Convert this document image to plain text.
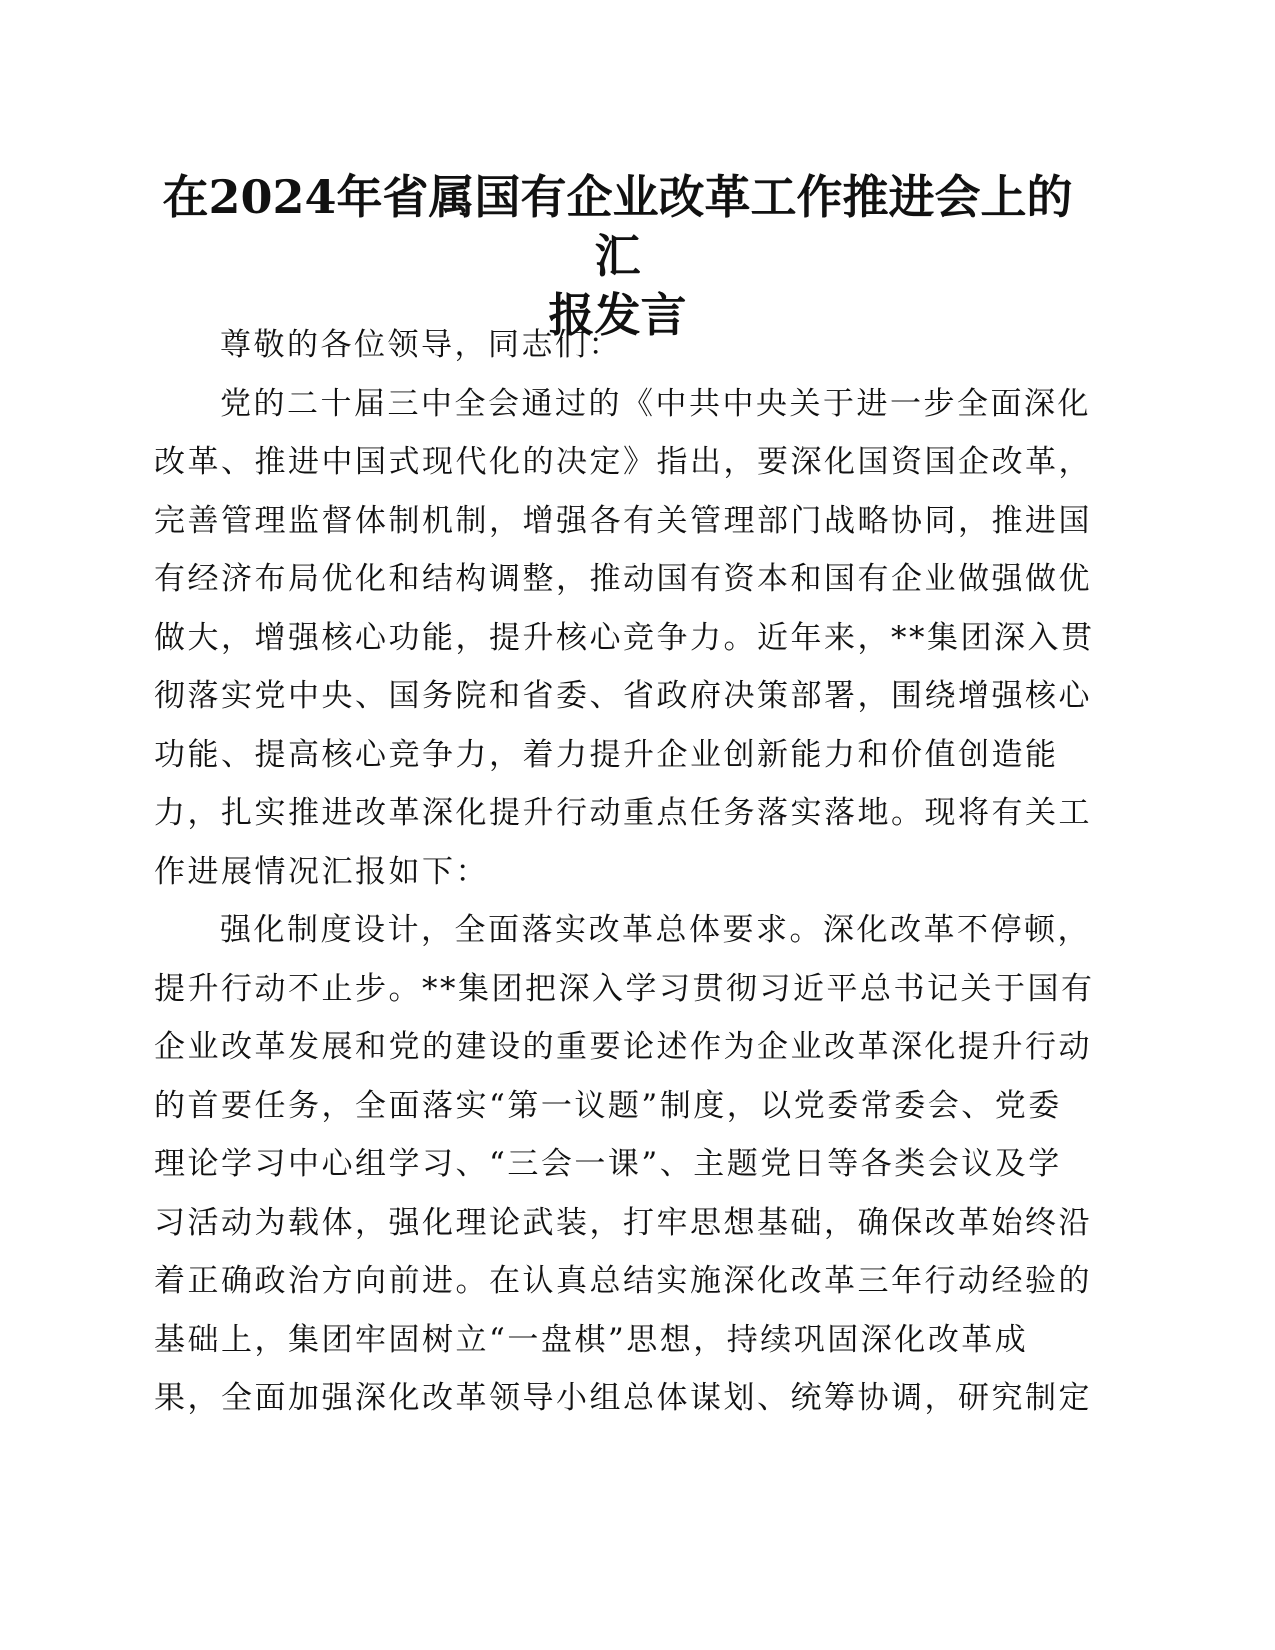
在2024年省属国有企业改革工作推进会上的汇
报发言
尊敬的各位领导，同志们：
党的二十届三中全会通过的《中共中央关于进一步全面深化
改革、推进中国式现代化的决定》指出，要深化国资国企改革，
完善管理监督体制机制，增强各有关管理部门战略协同，推进国
有经济布局优化和结构调整，推动国有资本和国有企业做强做优
做大，增强核心功能，提升核心竞争力。近年来，**集团深入贯
彻落实党中央、国务院和省委、省政府决策部署，围绕增强核心
功能、提高核心竞争力，着力提升企业创新能力和价值创造能
力，扎实推进改革深化提升行动重点任务落实落地。现将有关工
作进展情况汇报如下：
强化制度设计，全面落实改革总体要求。深化改革不停顿，
提升行动不止步。**集团把深入学习贯彻习近平总书记关于国有
企业改革发展和党的建设的重要论述作为企业改革深化提升行动
的首要任务，全面落实“第一议题”制度，以党委常委会、党委
理论学习中心组学习、“三会一课”、主题党日等各类会议及学
习活动为载体，强化理论武装，打牢思想基础，确保改革始终沿
着正确政治方向前进。在认真总结实施深化改革三年行动经验的
基础上，集团牢固树立“一盘棋”思想，持续巩固深化改革成
果，全面加强深化改革领导小组总体谋划、统筹协调，研究制定
